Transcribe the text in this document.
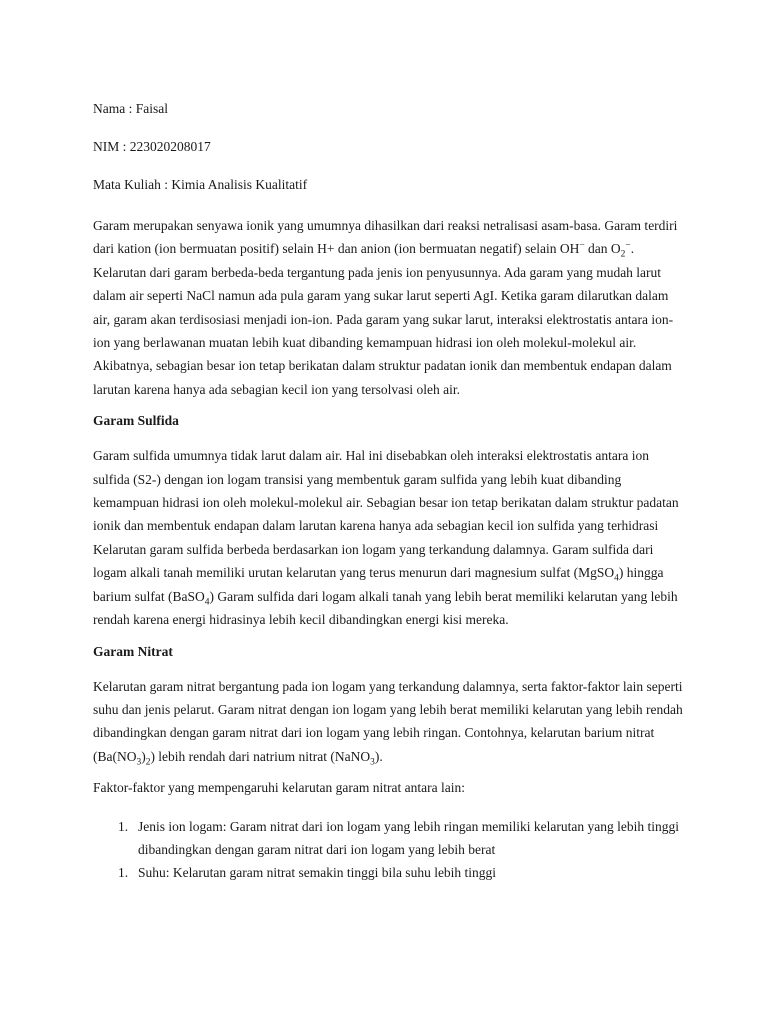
Nama : Faisal

NIM : 223020208017

Mata Kuliah : Kimia Analisis Kualitatif

Garam merupakan senyawa ionik yang umumnya dihasilkan dari reaksi netralisasi asam-basa. Garam terdiri dari kation (ion bermuatan positif) selain H+ dan anion (ion bermuatan negatif) selain OH− dan $O_2^-$. Kelarutan dari garam berbeda-beda tergantung pada jenis ion penyusunnya. Ada garam yang mudah larut dalam air seperti NaCl namun ada pula garam yang sukar larut seperti AgI. Ketika garam dilarutkan dalam air, garam akan terdisosiasi menjadi ion-ion. Pada garam yang sukar larut, interaksi elektrostatis antara ion-ion yang berlawanan muatan lebih kuat dibanding kemampuan hidrasi ion oleh molekul-molekul air. Akibatnya, sebagian besar ion tetap berikatan dalam struktur padatan ionik dan membentuk endapan dalam larutan karena hanya ada sebagian kecil ion yang tersolvasi oleh air.

Garam Sulfida

Garam sulfida umumnya tidak larut dalam air. Hal ini disebabkan oleh interaksi elektrostatis antara ion sulfida (S2-) dengan ion logam transisi yang membentuk garam sulfida yang lebih kuat dibanding kemampuan hidrasi ion oleh molekul-molekul air. Sebagian besar ion tetap berikatan dalam struktur padatan ionik dan membentuk endapan dalam larutan karena hanya ada sebagian kecil ion sulfida yang terhidrasi Kelarutan garam sulfida berbeda berdasarkan ion logam yang terkandung dalamnya. Garam sulfida dari logam alkali tanah memiliki urutan kelarutan yang terus menurun dari magnesium sulfat (MgSO$_4$) hingga barium sulfat (BaSO$_4$) Garam sulfida dari logam alkali tanah yang lebih berat memiliki kelarutan yang lebih rendah karena energi hidrasinya lebih kecil dibandingkan energi kisi mereka.

Garam Nitrat

Kelarutan garam nitrat bergantung pada ion logam yang terkandung dalamnya, serta faktor-faktor lain seperti suhu dan jenis pelarut. Garam nitrat dengan ion logam yang lebih berat memiliki kelarutan yang lebih rendah dibandingkan dengan garam nitrat dari ion logam yang lebih ringan. Contohnya, kelarutan barium nitrat $(Ba(NO_3)_2)$ lebih rendah dari natrium nitrat (NaNO$_3$).

Faktor-faktor yang mempengaruhi kelarutan garam nitrat antara lain:

1. Jenis ion logam: Garam nitrat dari ion logam yang lebih ringan memiliki kelarutan yang lebih tinggi dibandingkan dengan garam nitrat dari ion logam yang lebih berat
1. Suhu: Kelarutan garam nitrat semakin tinggi bila suhu lebih tinggi
